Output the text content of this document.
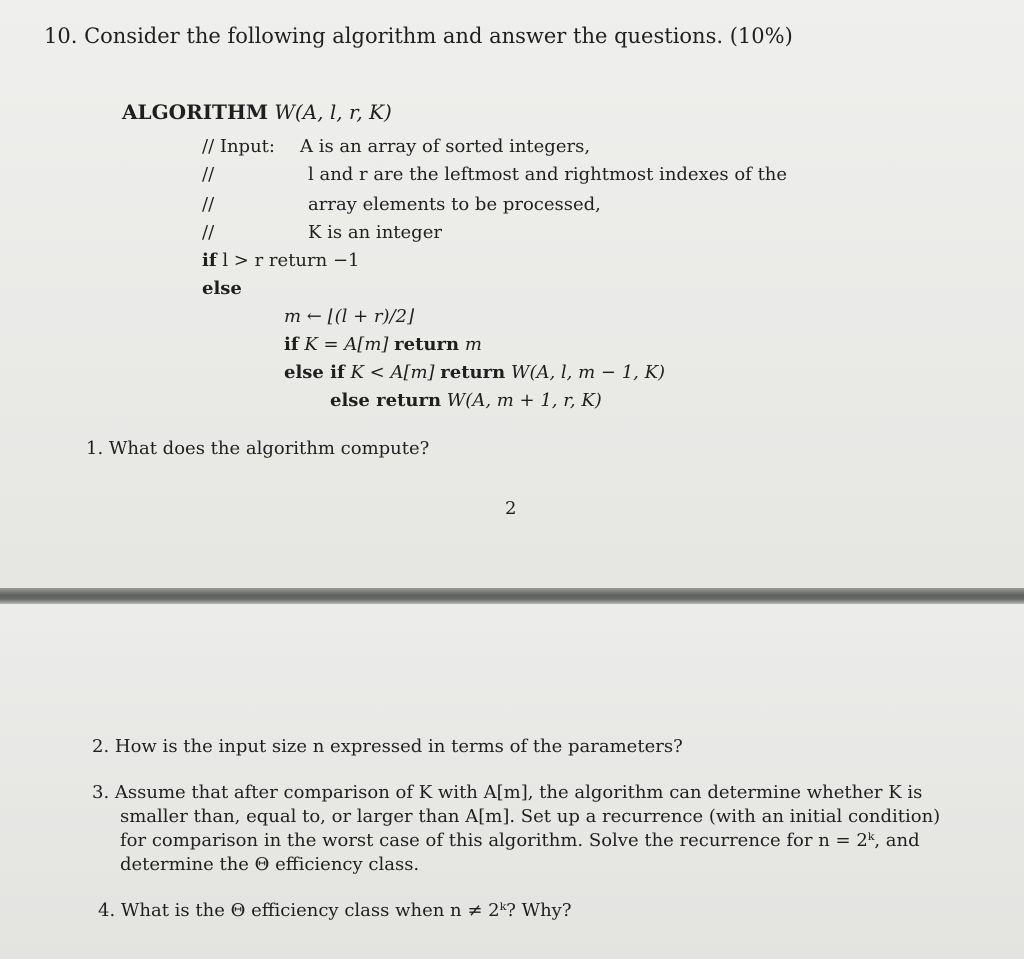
10. Consider the following algorithm and answer the questions. (10%)
ALGORITHM W(A, l, r, K)
// Input: A is an array of sorted integers,
//	l and r are the leftmost and rightmost indexes of the
//	array elements to be processed,
//	K is an integer
if l > r return −1
else
m ← ⌊(l + r)/2⌋
if K = A[m] return m
else if K < A[m] return W(A, l, m − 1, K)
else return W(A, m + 1, r, K)
1. What does the algorithm compute?
2
2. How is the input size n expressed in terms of the parameters?
3. Assume that after comparison of K with A[m], the algorithm can determine whether K is
smaller than, equal to, or larger than A[m]. Set up a recurrence (with an initial condition)
for comparison in the worst case of this algorithm. Solve the recurrence for n = 2ᵏ, and
determine the Θ efficiency class.
4. What is the Θ efficiency class when n ≠ 2ᵏ? Why?
